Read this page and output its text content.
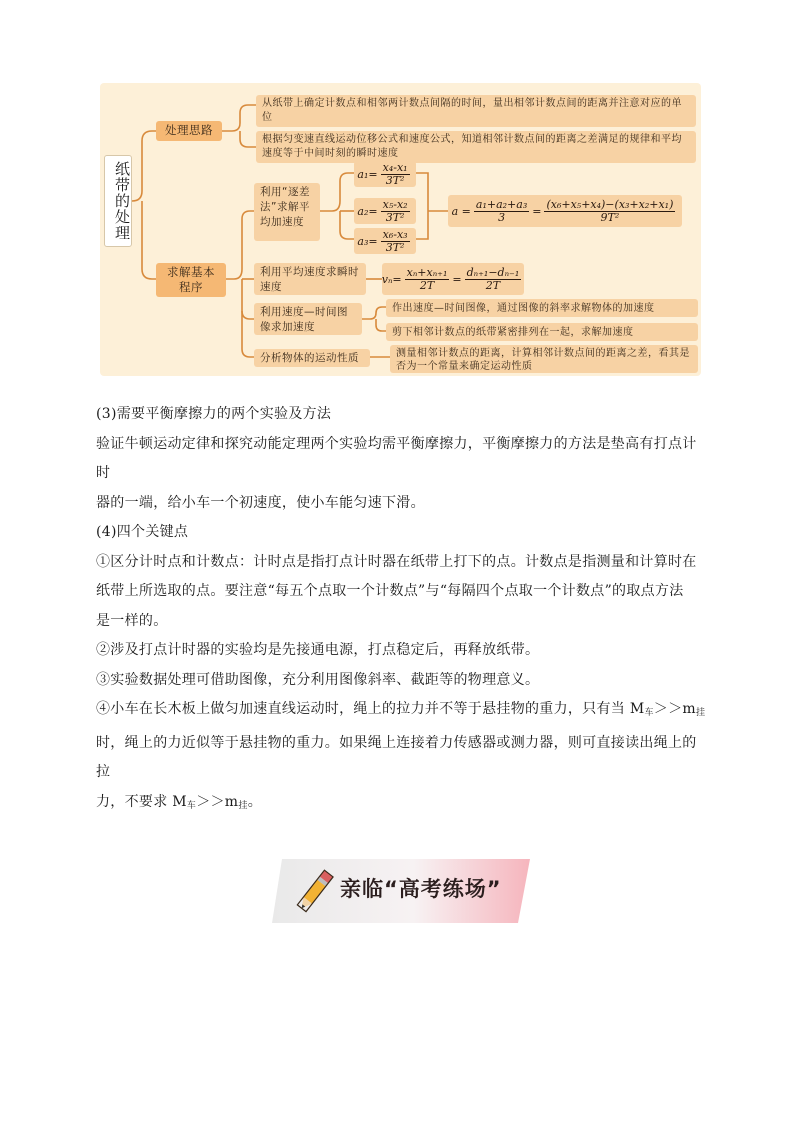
纸带的处理
处理思路
从纸带上确定计数点和相邻两计数点间隔的时间，量出相邻计数点间的距离并注意对应的单位
根据匀变速直线运动位移公式和速度公式，知道相邻计数点间的距离之差满足的规律和平均速度等于中间时刻的瞬时速度
求解基本程序
利用“逐差法”求解平均加速度
利用平均速度求瞬时速度
利用速度—时间图像求加速度
分析物体的运动性质
$a_1= \frac{\text{x₄-x₁}}{\text{3T²}}$
$a_2= \frac{\text{x₅-x₂}}{\text{3T²}}$
$a_3= \frac{\text{x₆-x₃}}{\text{3T²}}$
$a = \frac{\text{a₁+a₂+a₃}}{3} = \frac{\text{(x₆+x₅+x₄)−(x₃+x₂+x₁)}}{\text{9T²}}$
$v_n= \frac{\text{xₙ+xₙ₊₁}}{2T} = \frac{\text{dₙ₊₁−dₙ₋₁}}{2T}$
作出速度—时间图像，通过图像的斜率求解物体的加速度
剪下相邻计数点的纸带紧密排列在一起，求解加速度
测量相邻计数点的距离，计算相邻计数点间的距离之差，看其是否为一个常量来确定运动性质

(3)需要平衡摩擦力的两个实验及方法

验证牛顿运动定律和探究动能定理两个实验均需平衡摩擦力，平衡摩擦力的方法是垫高有打点计时

器的一端，给小车一个初速度，使小车能匀速下滑。

(4)四个关键点

①区分计时点和计数点：计时点是指打点计时器在纸带上打下的点。计数点是指测量和计算时在

纸带上所选取的点。要注意“每五个点取一个计数点”与“每隔四个点取一个计数点”的取点方法

是一样的。

②涉及打点计时器的实验均是先接通电源，打点稳定后，再释放纸带。

③实验数据处理可借助图像，充分利用图像斜率、截距等的物理意义。

④小车在长木板上做匀加速直线运动时，绳上的拉力并不等于悬挂物的重力，只有当 $M_车>>m_挂$

时，绳上的力近似等于悬挂物的重力。如果绳上连接着力传感器或测力器，则可直接读出绳上的拉

力，不要求 $M_车>>m_挂$。

亲临“高考练场”
